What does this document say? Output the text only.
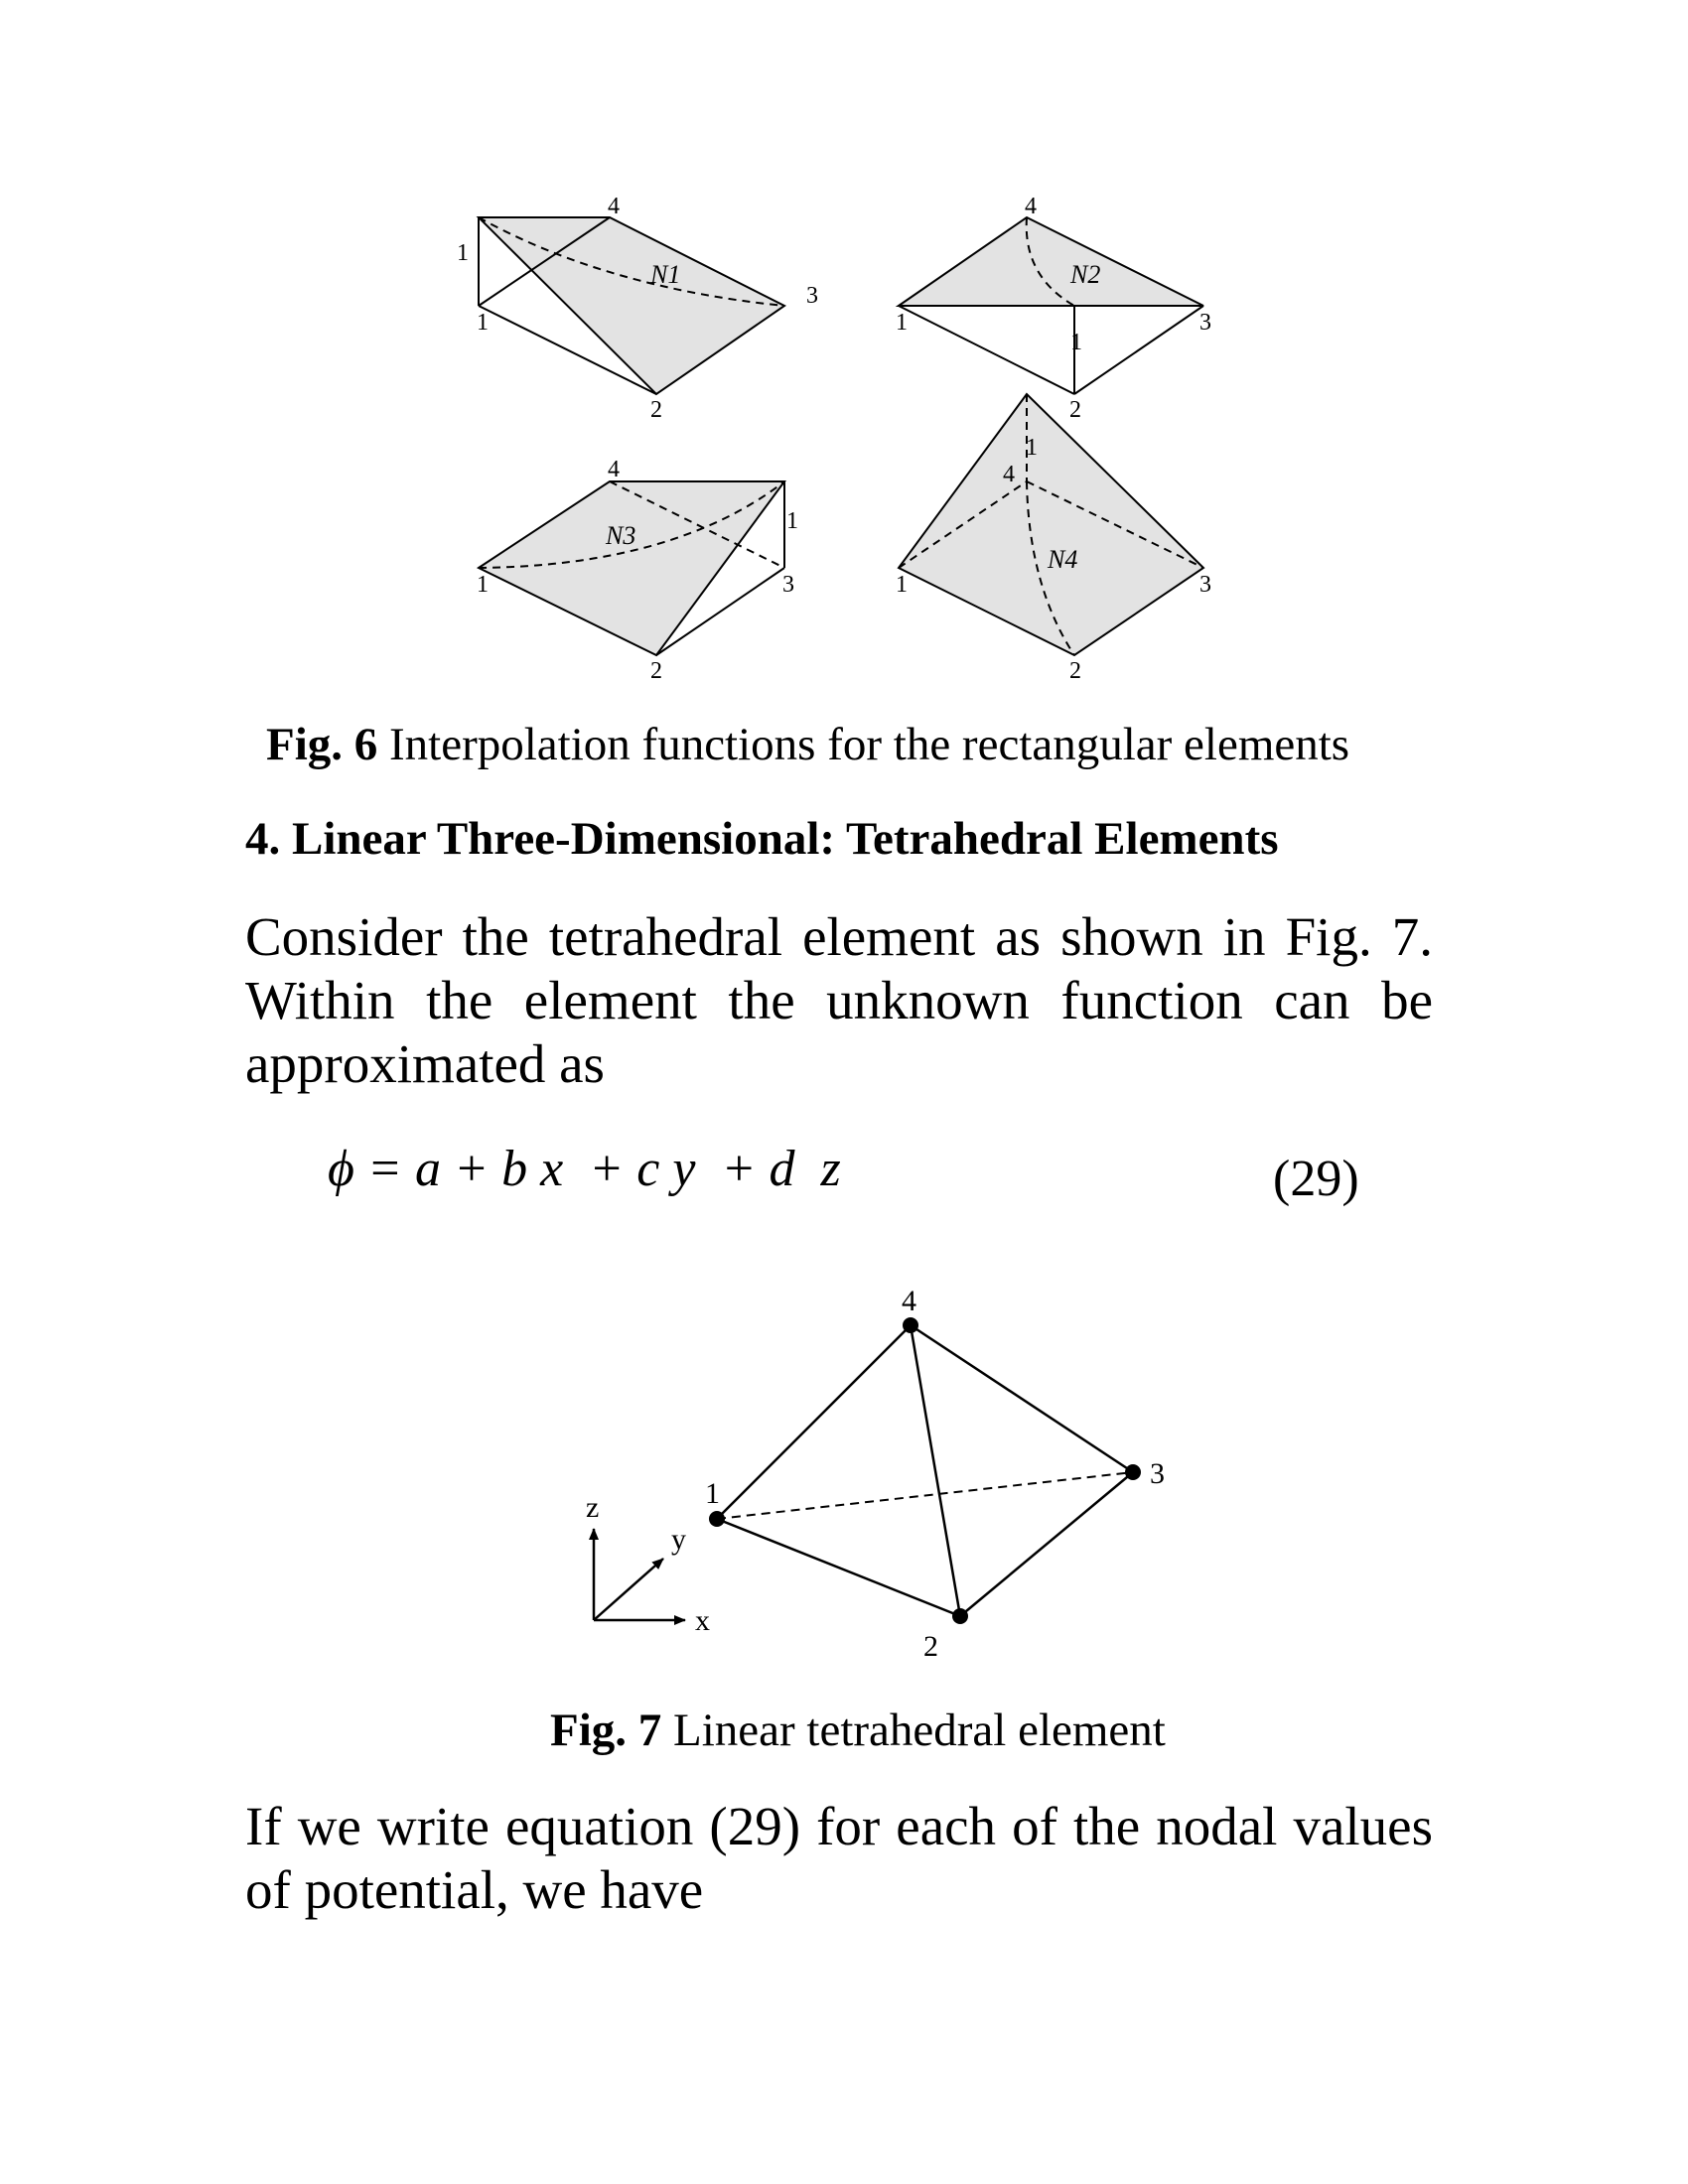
4
1
1
3
2
N1
4
1	3
1
2
N2
4
1
1	3
2
N3
1
4
1	3
2
N4
Fig. 6 Interpolation functions for the rectangular elements
4. Linear Three-Dimensional: Tetrahedral Elements
Consider the tetrahedral element as shown in Fig. 7. Within the element the unknown function can be approximated as
ϕ = a + b x  + c y  + d  z	(29)
4
1
3
2
z
y
x
Fig. 7 Linear tetrahedral element
If we write equation (29) for each of the nodal values of potential, we have
